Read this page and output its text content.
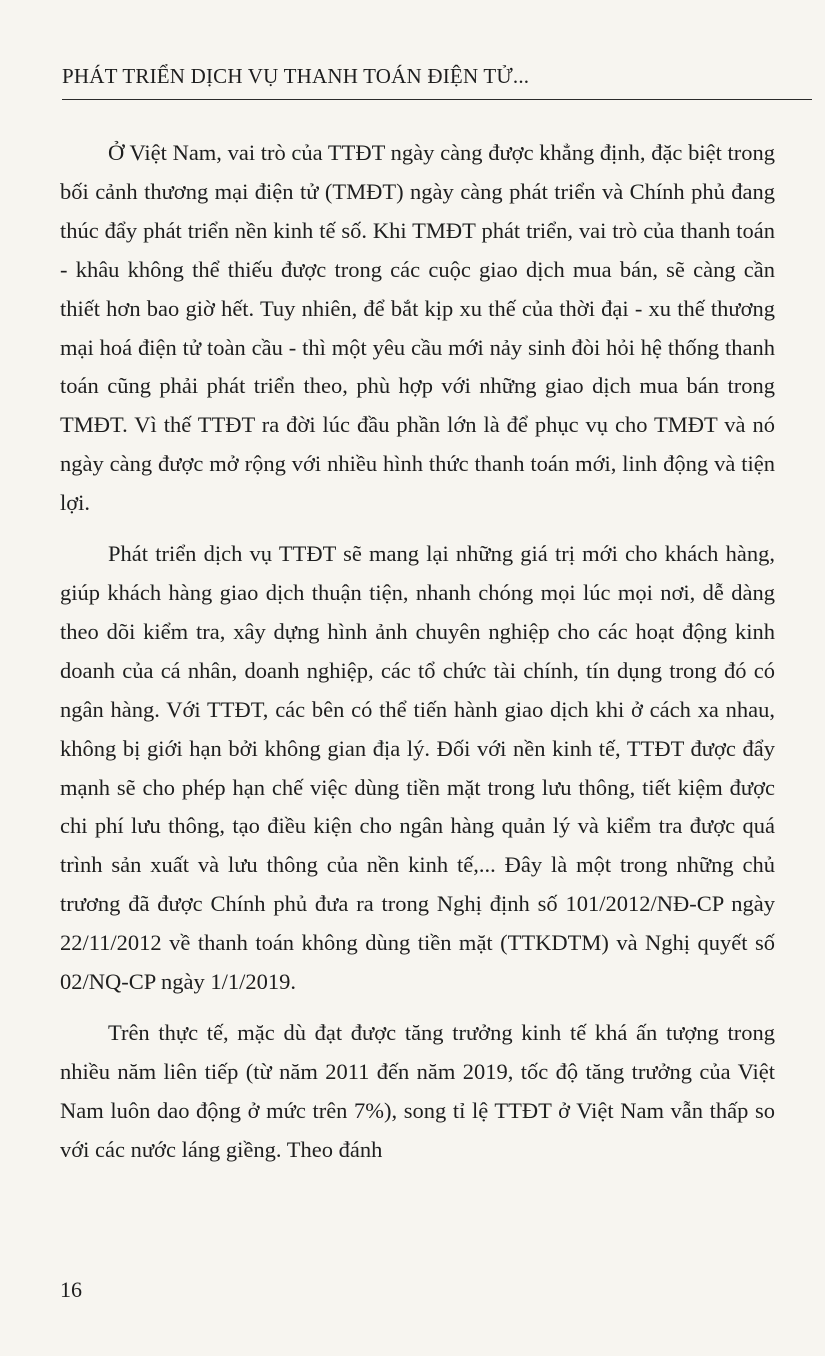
PHÁT TRIỂN DỊCH VỤ THANH TOÁN ĐIỆN TỬ...

Ở Việt Nam, vai trò của TTĐT ngày càng được khẳng định, đặc biệt trong bối cảnh thương mại điện tử (TMĐT) ngày càng phát triển và Chính phủ đang thúc đẩy phát triển nền kinh tế số. Khi TMĐT phát triển, vai trò của thanh toán - khâu không thể thiếu được trong các cuộc giao dịch mua bán, sẽ càng cần thiết hơn bao giờ hết. Tuy nhiên, để bắt kịp xu thế của thời đại - xu thế thương mại hoá điện tử toàn cầu - thì một yêu cầu mới nảy sinh đòi hỏi hệ thống thanh toán cũng phải phát triển theo, phù hợp với những giao dịch mua bán trong TMĐT. Vì thế TTĐT ra đời lúc đầu phần lớn là để phục vụ cho TMĐT và nó ngày càng được mở rộng với nhiều hình thức thanh toán mới, linh động và tiện lợi.

Phát triển dịch vụ TTĐT sẽ mang lại những giá trị mới cho khách hàng, giúp khách hàng giao dịch thuận tiện, nhanh chóng mọi lúc mọi nơi, dễ dàng theo dõi kiểm tra, xây dựng hình ảnh chuyên nghiệp cho các hoạt động kinh doanh của cá nhân, doanh nghiệp, các tổ chức tài chính, tín dụng trong đó có ngân hàng. Với TTĐT, các bên có thể tiến hành giao dịch khi ở cách xa nhau, không bị giới hạn bởi không gian địa lý. Đối với nền kinh tế, TTĐT được đẩy mạnh sẽ cho phép hạn chế việc dùng tiền mặt trong lưu thông, tiết kiệm được chi phí lưu thông, tạo điều kiện cho ngân hàng quản lý và kiểm tra được quá trình sản xuất và lưu thông của nền kinh tế,... Đây là một trong những chủ trương đã được Chính phủ đưa ra trong Nghị định số 101/2012/NĐ-CP ngày 22/11/2012 về thanh toán không dùng tiền mặt (TTKDTM) và Nghị quyết số 02/NQ-CP ngày 1/1/2019.

Trên thực tế, mặc dù đạt được tăng trưởng kinh tế khá ấn tượng trong nhiều năm liên tiếp (từ năm 2011 đến năm 2019, tốc độ tăng trưởng của Việt Nam luôn dao động ở mức trên 7%), song tỉ lệ TTĐT ở Việt Nam vẫn thấp so với các nước láng giềng. Theo đánh

16
